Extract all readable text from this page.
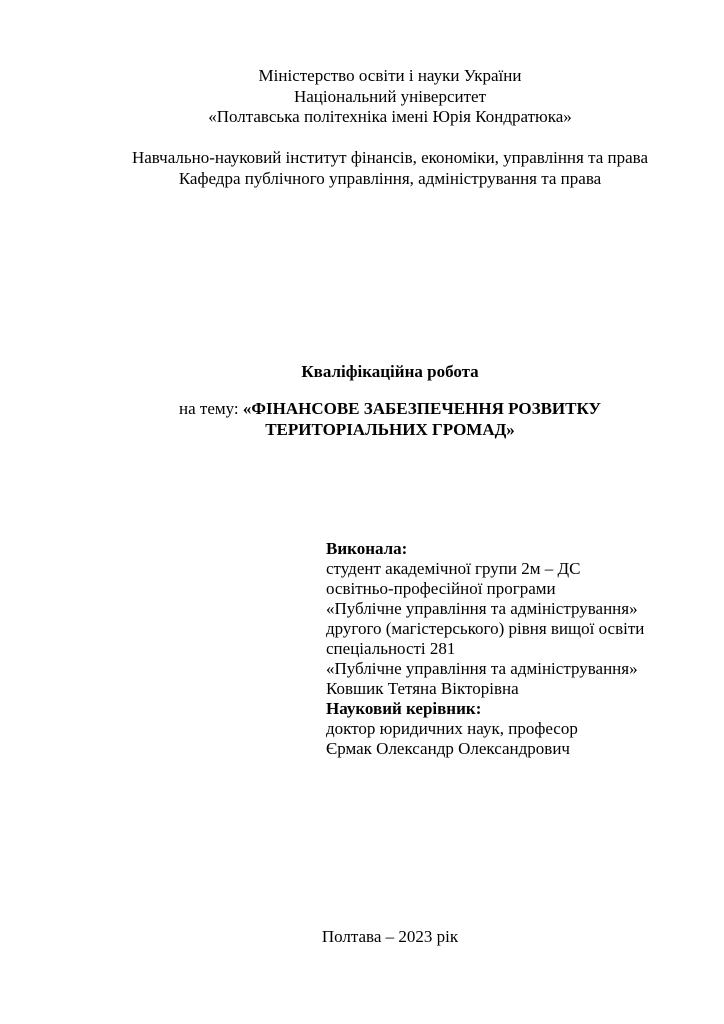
Міністерство освіти і науки України
Національний університет
«Полтавська політехніка імені Юрія Кондратюка»
Навчально-науковий інститут фінансів, економіки, управління та права
Кафедра публічного управління, адміністрування та права
Кваліфікаційна робота
на тему: «ФІНАНСОВЕ ЗАБЕЗПЕЧЕННЯ РОЗВИТКУ ТЕРИТОРІАЛЬНИХ ГРОМАД»
Виконала:
студент академічної групи 2м – ДС
освітньо-професійної програми
«Публічне управління та адміністрування»
другого (магістерського) рівня вищої освіти
спеціальності 281
«Публічне управління та адміністрування»
Ковшик Тетяна Вікторівна
Науковий керівник:
доктор юридичних наук, професор
Єрмак Олександр Олександрович
Полтава – 2023 рік
